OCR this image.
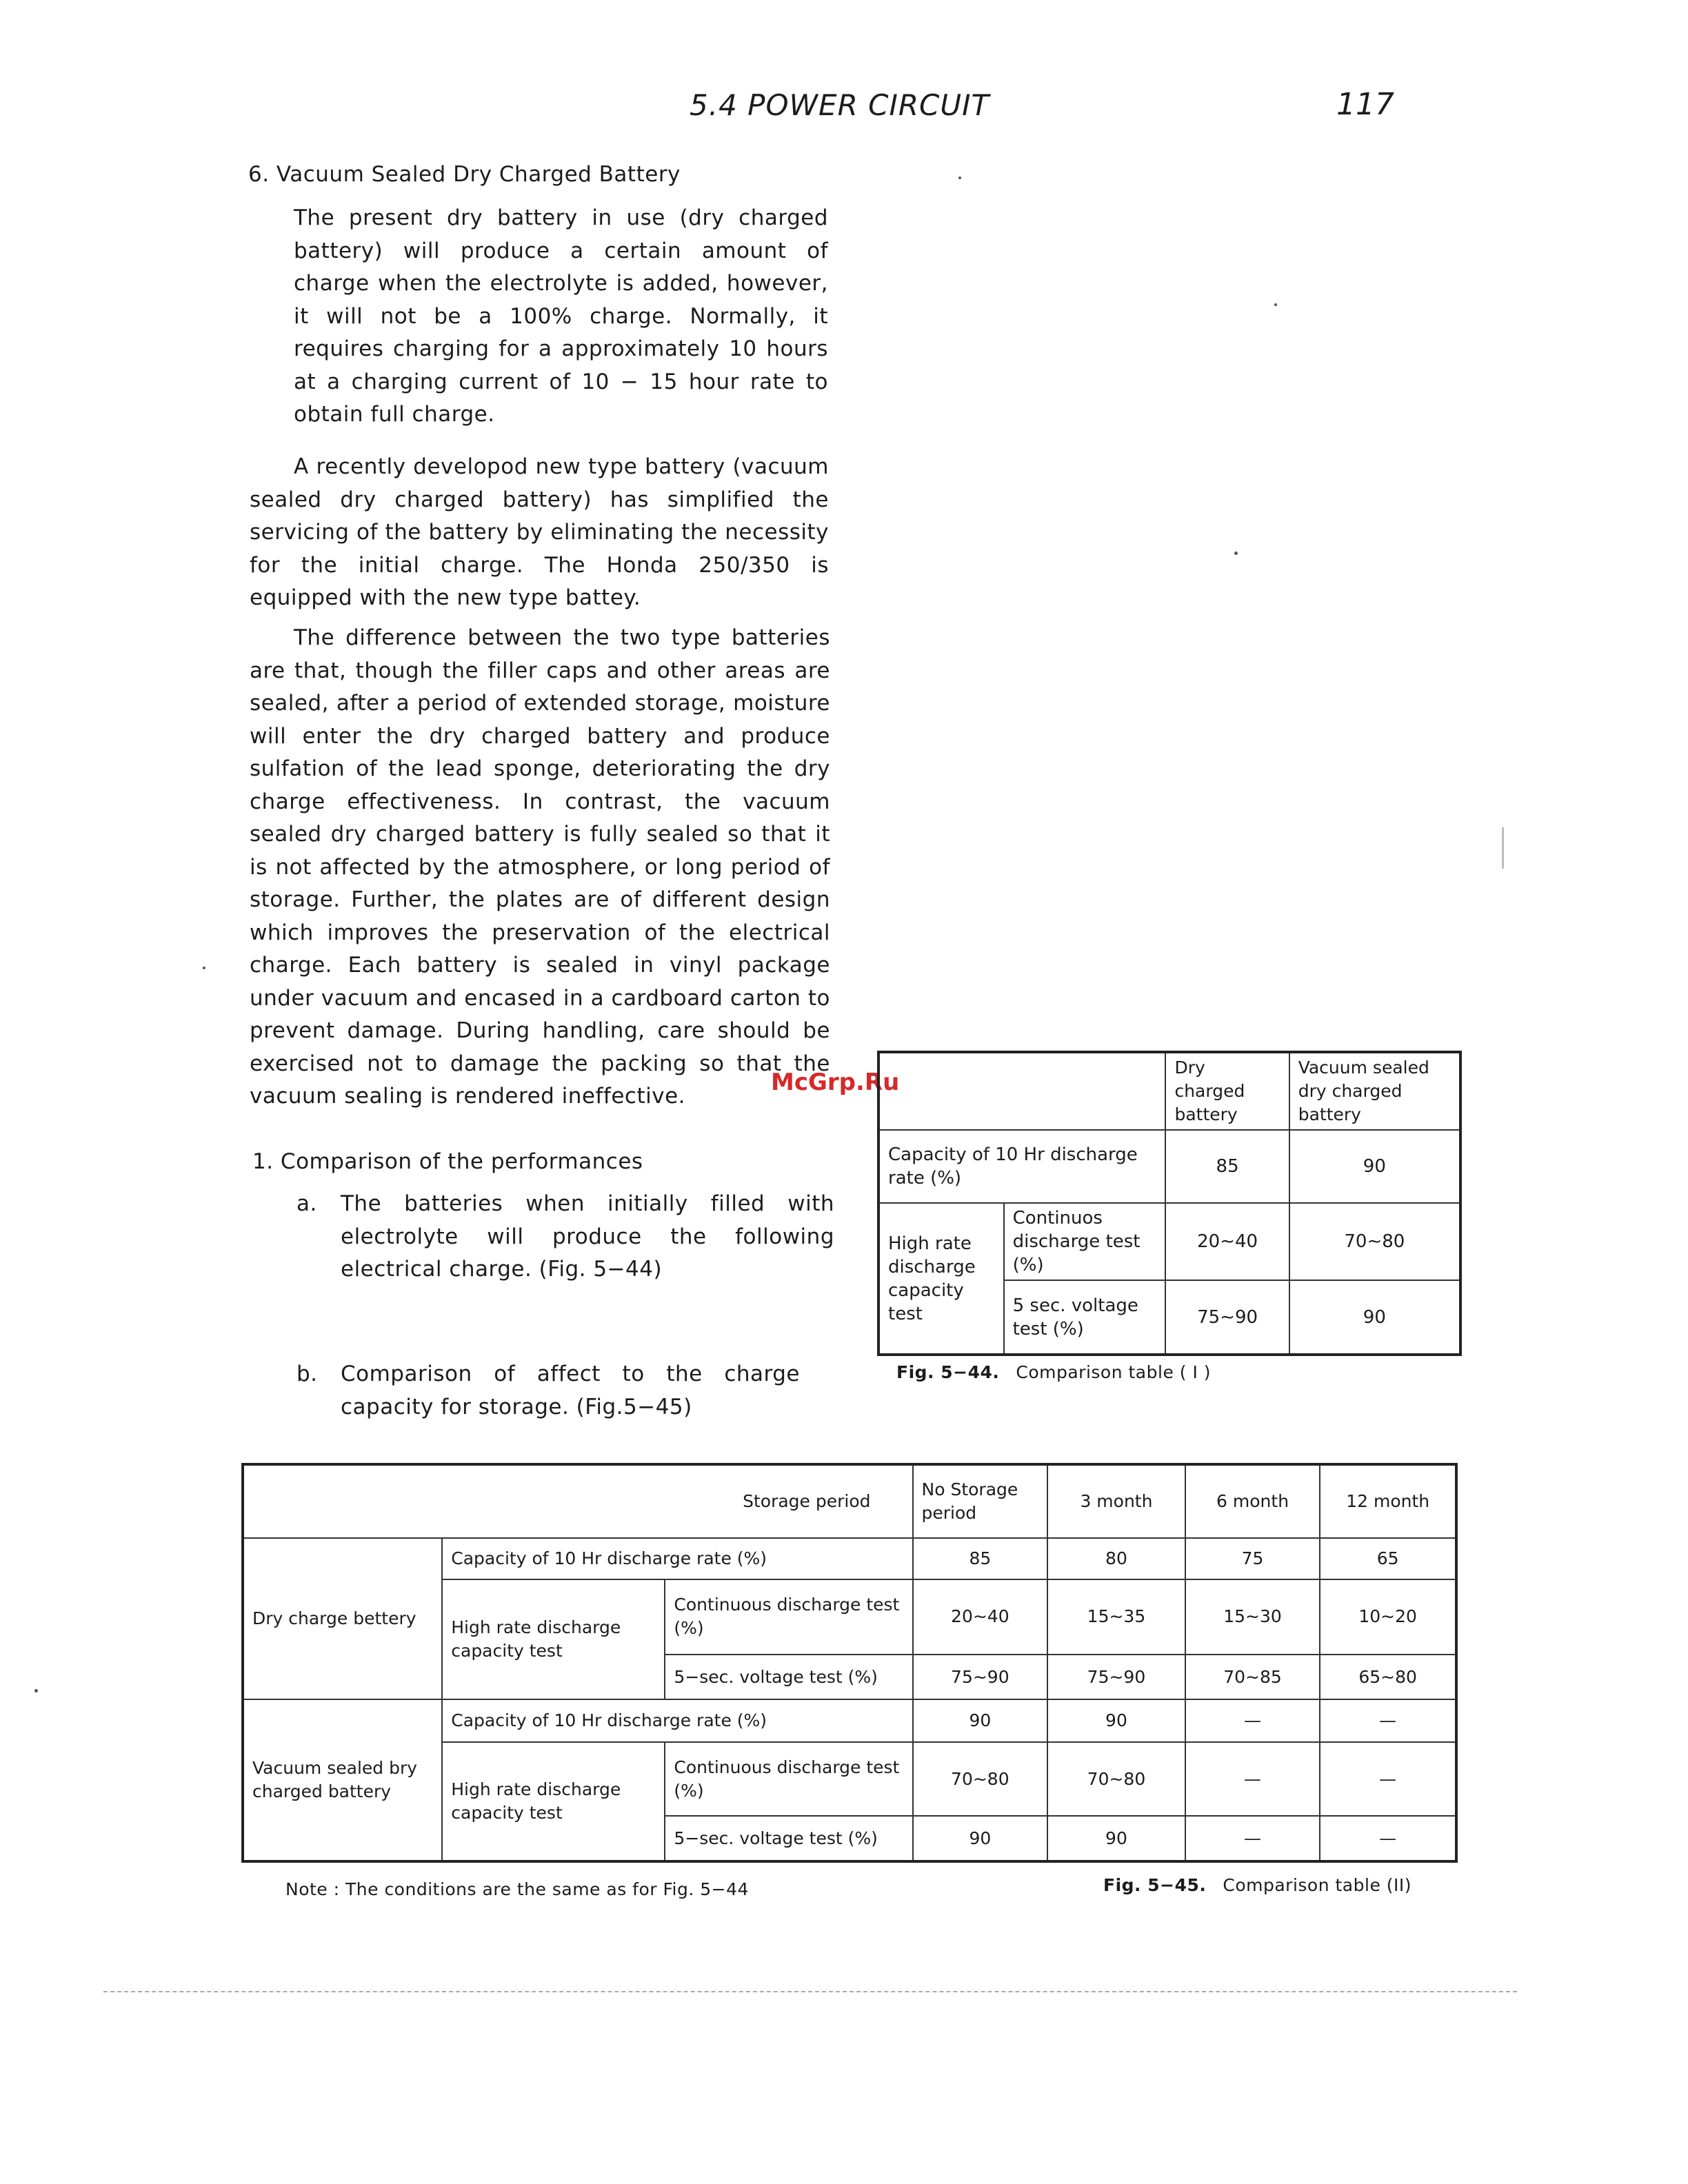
5.4 POWER CIRCUIT	117
6. Vacuum Sealed Dry Charged Battery
The present dry battery in use (dry charged battery) will produce a certain amount of charge when the electrolyte is added, however, it will not be a 100% charge. Normally, it requires charging for a approximately 10 hours at a charging current of 10 − 15 hour rate to obtain full charge.
A recently developod new type battery (vacuum sealed dry charged battery) has simplified the servicing of the battery by eliminating the necessity for the initial charge. The Honda 250/350 is equipped with the new type battey.
The difference between the two type batteries are that, though the filler caps and other areas are sealed, after a period of extended storage, moisture will enter the dry charged battery and produce sulfation of the lead sponge, deteriorating the dry charge effectiveness. In contrast, the vacuum sealed dry charged battery is fully sealed so that it is not affected by the atmosphere, or long period of storage. Further, the plates are of different design which improves the preservation of the electrical charge. Each battery is sealed in vinyl package under vacuum and encased in a cardboard carton to prevent damage. During handling, care should be exercised not to damage the packing so that the vacuum sealing is rendered ineffective.	McGrp.Ru
1. Comparison of the performances
a.	The batteries when initially filled with electrolyte will produce the following electrical charge. (Fig. 5−44)
b.	Comparison of affect to the charge capacity for storage. (Fig.5−45)
		Dry charged battery	Vacuum sealed dry charged battery
Capacity of 10 Hr discharge rate (%)		85	90
High rate discharge capacity test	Continuos discharge test (%)	20∼40	70∼80
	5 sec. voltage test (%)	75∼90	90
Fig. 5−44. Comparison table ( I )
Storage period			No Storage period	3 month	6 month	12 month
Dry charge bettery	Capacity of 10 Hr discharge rate (%)		85	80	75	65
	High rate discharge capacity test	Continuous discharge test (%)	20∼40	15∼35	15∼30	10∼20
		5−sec. voltage test (%)	75∼90	75∼90	70∼85	65∼80
Vacuum sealed bry charged battery	Capacity of 10 Hr discharge rate (%)		90	90	—	—
	High rate discharge capacity test	Continuous discharge test (%)	70∼80	70∼80	—	—
		5−sec. voltage test (%)	90	90	—	—
Note : The conditions are the same as for Fig. 5−44	Fig. 5−45. Comparison table (II)
